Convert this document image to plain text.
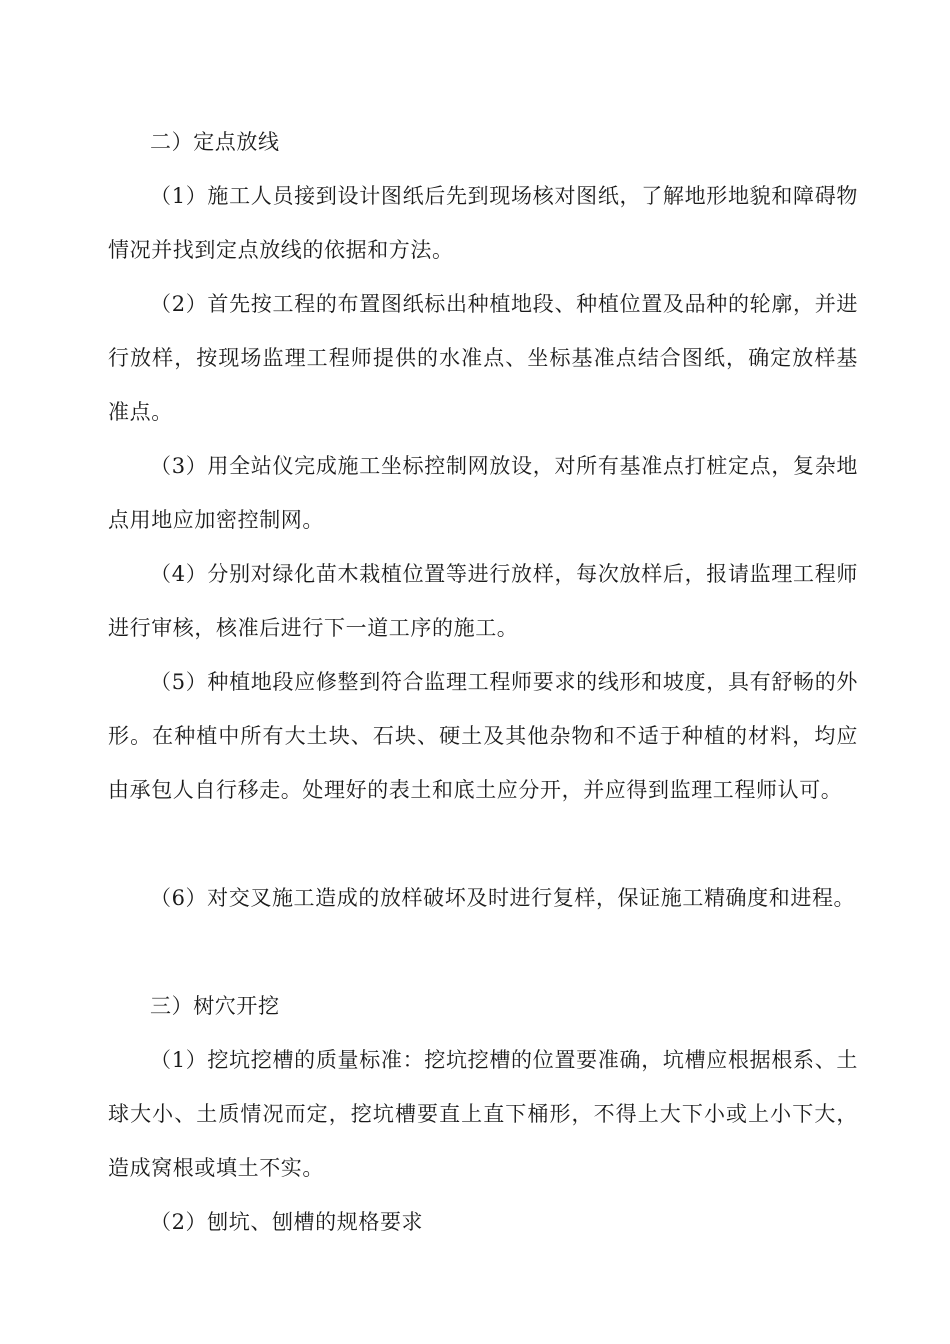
二）定点放线

（1）施工人员接到设计图纸后先到现场核对图纸，了解地形地貌和障碍物情况并找到定点放线的依据和方法。

（2）首先按工程的布置图纸标出种植地段、种植位置及品种的轮廓，并进行放样，按现场监理工程师提供的水准点、坐标基准点结合图纸，确定放样基准点。

（3）用全站仪完成施工坐标控制网放设，对所有基准点打桩定点，复杂地点用地应加密控制网。

（4）分别对绿化苗木栽植位置等进行放样，每次放样后，报请监理工程师进行审核，核准后进行下一道工序的施工。

（5）种植地段应修整到符合监理工程师要求的线形和坡度，具有舒畅的外形。在种植中所有大土块、石块、硬土及其他杂物和不适于种植的材料，均应由承包人自行移走。处理好的表土和底土应分开，并应得到监理工程师认可。

（6）对交叉施工造成的放样破坏及时进行复样，保证施工精确度和进程。

三）树穴开挖

（1）挖坑挖槽的质量标准：挖坑挖槽的位置要准确，坑槽应根据根系、土球大小、土质情况而定，挖坑槽要直上直下桶形，不得上大下小或上小下大，造成窝根或填土不实。

（2）刨坑、刨槽的规格要求
